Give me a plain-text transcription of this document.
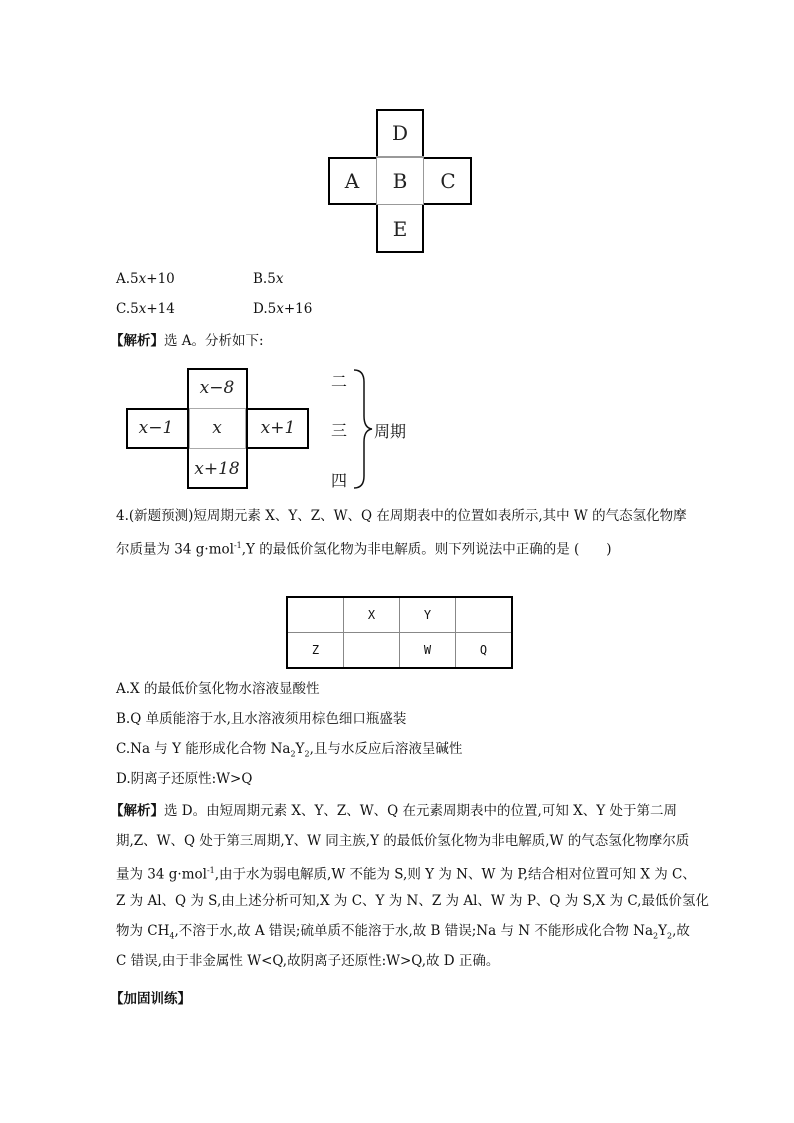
D
A	B	C
E
A.5x+10	B.5x
C.5x+14	D.5x+16
【解析】选 A。分析如下:
x−8
x−1	x	x+1
x+18
二
三
四
周期
4.(新题预测)短周期元素 X、Y、Z、W、Q 在周期表中的位置如表所示,其中 W 的气态氢化物摩
尔质量为 34 g·mol$^{-1}$,Y 的最低价氢化物为非电解质。则下列说法中正确的是 (　　)
	X	Y	
Z		W	Q
A.X 的最低价氢化物水溶液显酸性
B.Q 单质能溶于水,且水溶液须用棕色细口瓶盛装
C.Na 与 Y 能形成化合物 $Na_2Y_2$,且与水反应后溶液呈碱性
D.阴离子还原性:W>Q
【解析】选 D。由短周期元素 X、Y、Z、W、Q 在元素周期表中的位置,可知 X、Y 处于第二周
期,Z、W、Q 处于第三周期,Y、W 同主族,Y 的最低价氢化物为非电解质,W 的气态氢化物摩尔质
量为 34 g·mol$^{-1}$,由于水为弱电解质,W 不能为 S,则 Y 为 N、W 为 P,结合相对位置可知 X 为 C、
Z 为 Al、Q 为 S,由上述分析可知,X 为 C、Y 为 N、Z 为 Al、W 为 P、Q 为 S,X 为 C,最低价氢化
物为 $CH_4$,不溶于水,故 A 错误;硫单质不能溶于水,故 B 错误;Na 与 N 不能形成化合物 $Na_2Y_2$,故
C 错误,由于非金属性 W<Q,故阴离子还原性:W>Q,故 D 正确。
【加固训练】
